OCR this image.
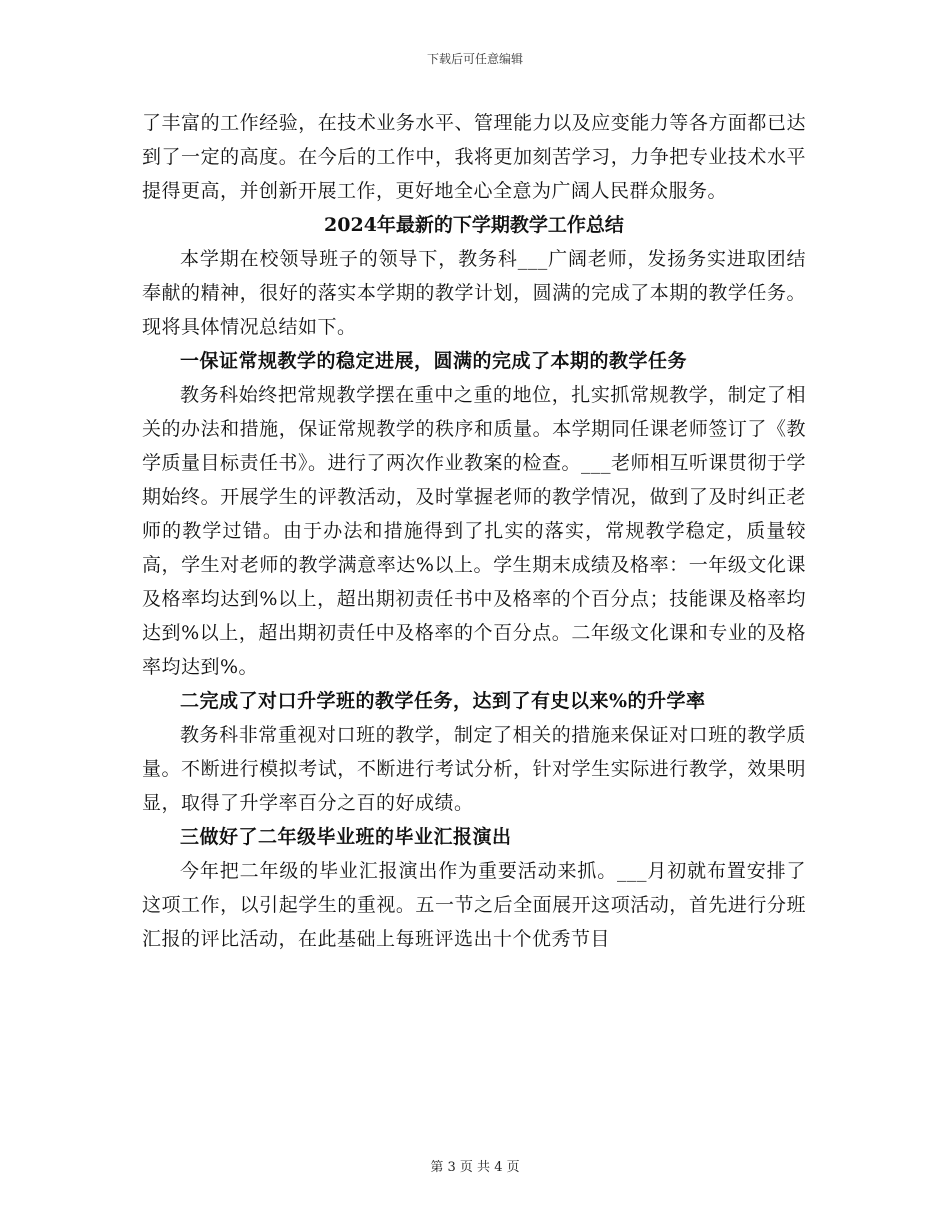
下载后可任意编辑

了丰富的工作经验，在技术业务水平、管理能力以及应变能力等各方面都已达到了一定的高度。在今后的工作中，我将更加刻苦学习，力争把专业技术水平提得更高，并创新开展工作，更好地全心全意为广阔人民群众服务。

2024年最新的下学期教学工作总结

本学期在校领导班子的领导下，教务科___广阔老师，发扬务实进取团结奉献的精神，很好的落实本学期的教学计划，圆满的完成了本期的教学任务。现将具体情况总结如下。

一保证常规教学的稳定进展，圆满的完成了本期的教学任务

教务科始终把常规教学摆在重中之重的地位，扎实抓常规教学，制定了相关的办法和措施，保证常规教学的秩序和质量。本学期同任课老师签订了《教学质量目标责任书》。进行了两次作业教案的检查。___老师相互听课贯彻于学期始终。开展学生的评教活动，及时掌握老师的教学情况，做到了及时纠正老师的教学过错。由于办法和措施得到了扎实的落实，常规教学稳定，质量较高，学生对老师的教学满意率达%以上。学生期末成绩及格率：一年级文化课及格率均达到%以上，超出期初责任书中及格率的个百分点；技能课及格率均达到%以上，超出期初责任中及格率的个百分点。二年级文化课和专业的及格率均达到%。

二完成了对口升学班的教学任务，达到了有史以来%的升学率

教务科非常重视对口班的教学，制定了相关的措施来保证对口班的教学质量。不断进行模拟考试，不断进行考试分析，针对学生实际进行教学，效果明显，取得了升学率百分之百的好成绩。

三做好了二年级毕业班的毕业汇报演出

今年把二年级的毕业汇报演出作为重要活动来抓。___月初就布置安排了这项工作，以引起学生的重视。五一节之后全面展开这项活动，首先进行分班汇报的评比活动，在此基础上每班评选出十个优秀节目

第 3 页 共 4 页
